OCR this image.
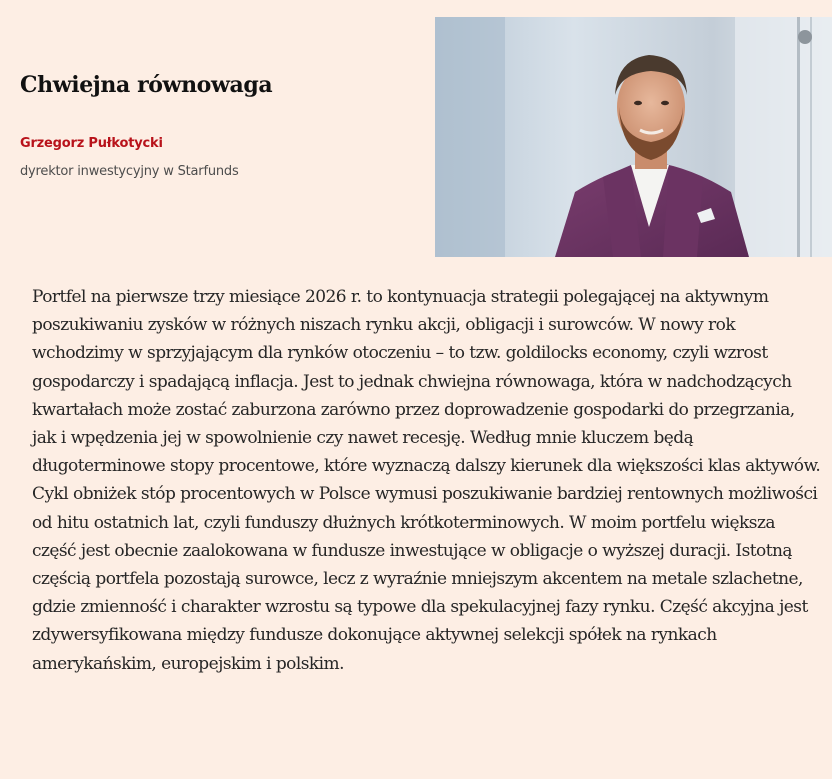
Chwiejna równowaga
Grzegorz Pułkotycki
dyrektor inwestycyjny w Starfunds

Portfel na pierwsze trzy miesiące 2026 r. to kontynuacja strategii polegającej na aktywnym poszukiwaniu zysków w różnych niszach rynku akcji, obligacji i surowców. W nowy rok wchodzimy w sprzyjającym dla rynków otoczeniu – to tzw. goldilocks economy, czyli wzrost gospodarczy i spadającą inflacja. Jest to jednak chwiejna równowaga, która w nadchodzących kwartałach może zostać zaburzona zarówno przez doprowadzenie gospodarki do przegrzania, jak i wpędzenia jej w spowolnienie czy nawet recesję. Według mnie kluczem będą długoterminowe stopy procentowe, które wyznaczą dalszy kierunek dla większości klas aktywów. Cykl obniżek stóp procentowych w Polsce wymusi poszukiwanie bardziej rentownych możliwości od hitu ostatnich lat, czyli funduszy dłużnych krótkoterminowych. W moim portfelu większa część jest obecnie zaalokowana w fundusze inwestujące w obligacje o wyższej duracji. Istotną częścią portfela pozostają surowce, lecz z wyraźnie mniejszym akcentem na metale szlachetne, gdzie zmienność i charakter wzrostu są typowe dla spekulacyjnej fazy rynku. Część akcyjna jest zdywersyfikowana między fundusze dokonujące aktywnej selekcji spółek na rynkach amerykańskim, europejskim i polskim.
